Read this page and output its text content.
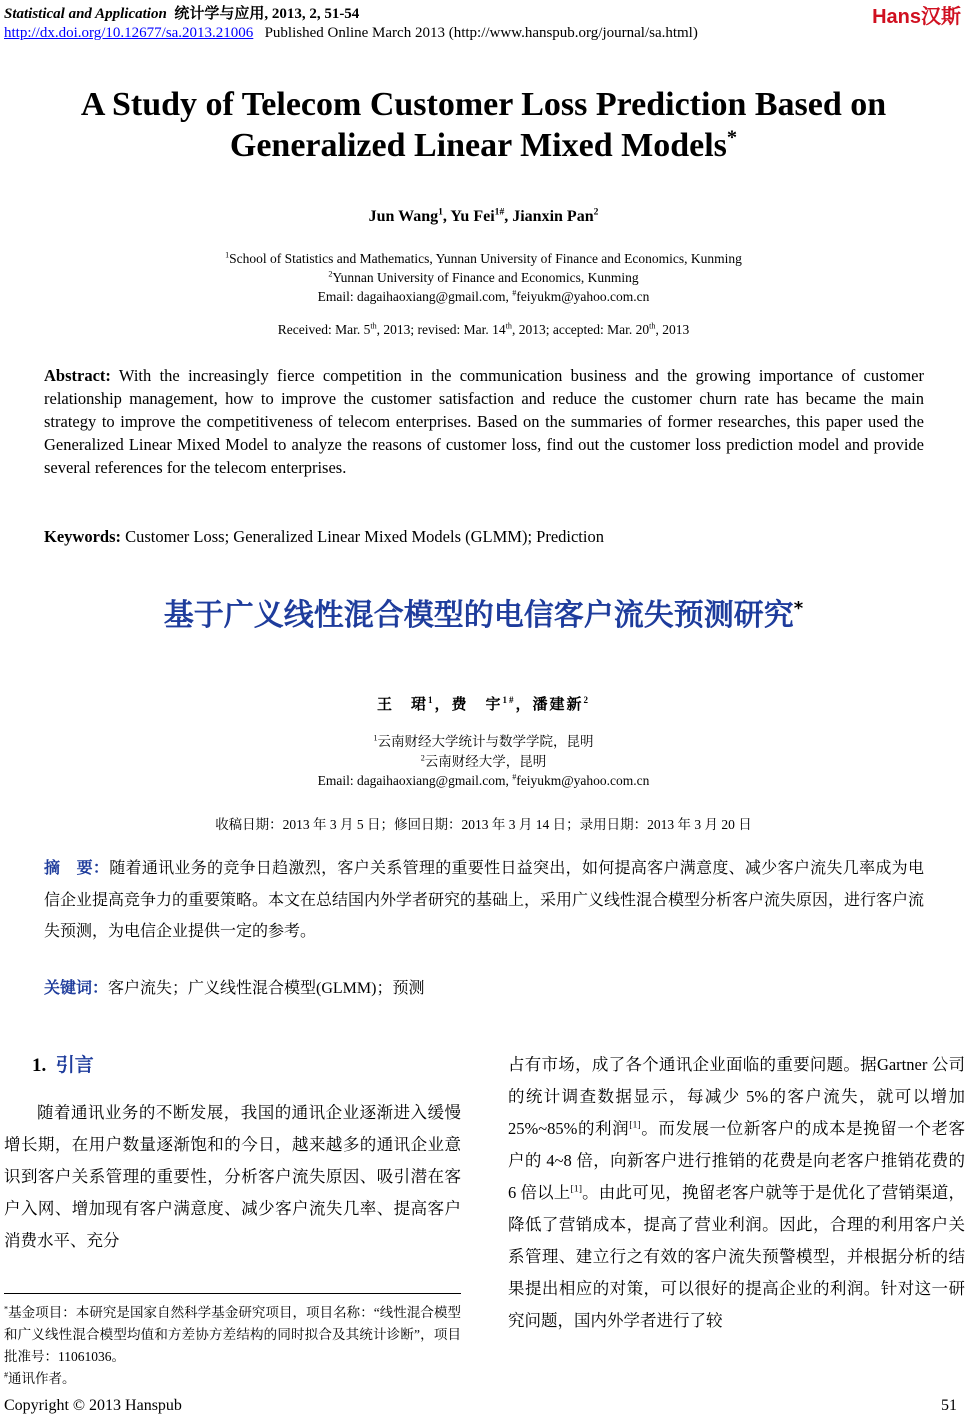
Statistical and Application 统计学与应用, 2013, 2, 51-54
http://dx.doi.org/10.12677/sa.2013.21006 Published Online March 2013 (http://www.hanspub.org/journal/sa.html)
Hans汉斯
A Study of Telecom Customer Loss Prediction Based on
Generalized Linear Mixed Models*
Jun Wang$^1$, Yu Fei$^{1\#}$, Jianxin Pan$^2$
$^1$School of Statistics and Mathematics, Yunnan University of Finance and Economics, Kunming
$^2$Yunnan University of Finance and Economics, Kunming
Email: dagaihaoxiang@gmail.com, #feiyukm@yahoo.com.cn
Received: Mar. 5th, 2013; revised: Mar. 14th, 2013; accepted: Mar. 20th, 2013
Abstract: With the increasingly fierce competition in the communication business and the growing importance of customer relationship management, how to improve the customer satisfaction and reduce the customer churn rate has became the main strategy to improve the competitiveness of telecom enterprises. Based on the summaries of former researches, this paper used the Generalized Linear Mixed Model to analyze the reasons of customer loss, find out the customer loss prediction model and provide several references for the telecom enterprises.
Keywords: Customer Loss; Generalized Linear Mixed Models (GLMM); Prediction
基于广义线性混合模型的电信客户流失预测研究*
王　珺$^1$，费　宇$^{1\#}$，潘建新$^2$
$^1$云南财经大学统计与数学学院，昆明
$^2$云南财经大学，昆明
Email: dagaihaoxiang@gmail.com, #feiyukm@yahoo.com.cn
收稿日期：2013 年 3 月 5 日；修回日期：2013 年 3 月 14 日；录用日期：2013 年 3 月 20 日
摘　要：随着通讯业务的竞争日趋激烈，客户关系管理的重要性日益突出，如何提高客户满意度、减少客户流失几率成为电信企业提高竞争力的重要策略。本文在总结国内外学者研究的基础上，采用广义线性混合模型分析客户流失原因，进行客户流失预测，为电信企业提供一定的参考。
关键词：客户流失；广义线性混合模型(GLMM)；预测
1. 引言
随着通讯业务的不断发展，我国的通讯企业逐渐进入缓慢增长期，在用户数量逐渐饱和的今日，越来越多的通讯企业意识到客户关系管理的重要性，分析客户流失原因、吸引潜在客户入网、增加现有客户满意度、减少客户流失几率、提高客户消费水平、充分
占有市场，成了各个通讯企业面临的重要问题。据Gartner 公司的统计调查数据显示，每减少 5%的客户流失，就可以增加 25%~85%的利润[1]。而发展一位新客户的成本是挽留一个老客户的 4~8 倍，向新客户进行推销的花费是向老客户推销花费的 6 倍以上[1]。由此可见，挽留老客户就等于是优化了营销渠道，降低了营销成本，提高了营业利润。因此，合理的利用客户关系管理、建立行之有效的客户流失预警模型，并根据分析的结果提出相应的对策，可以很好的提高企业的利润。针对这一研究问题，国内外学者进行了较
*基金项目：本研究是国家自然科学基金研究项目，项目名称：“线性混合模型和广义线性混合模型均值和方差协方差结构的同时拟合及其统计诊断”，项目批准号：11061036。
#通讯作者。
Copyright © 2013 Hanspub	51
